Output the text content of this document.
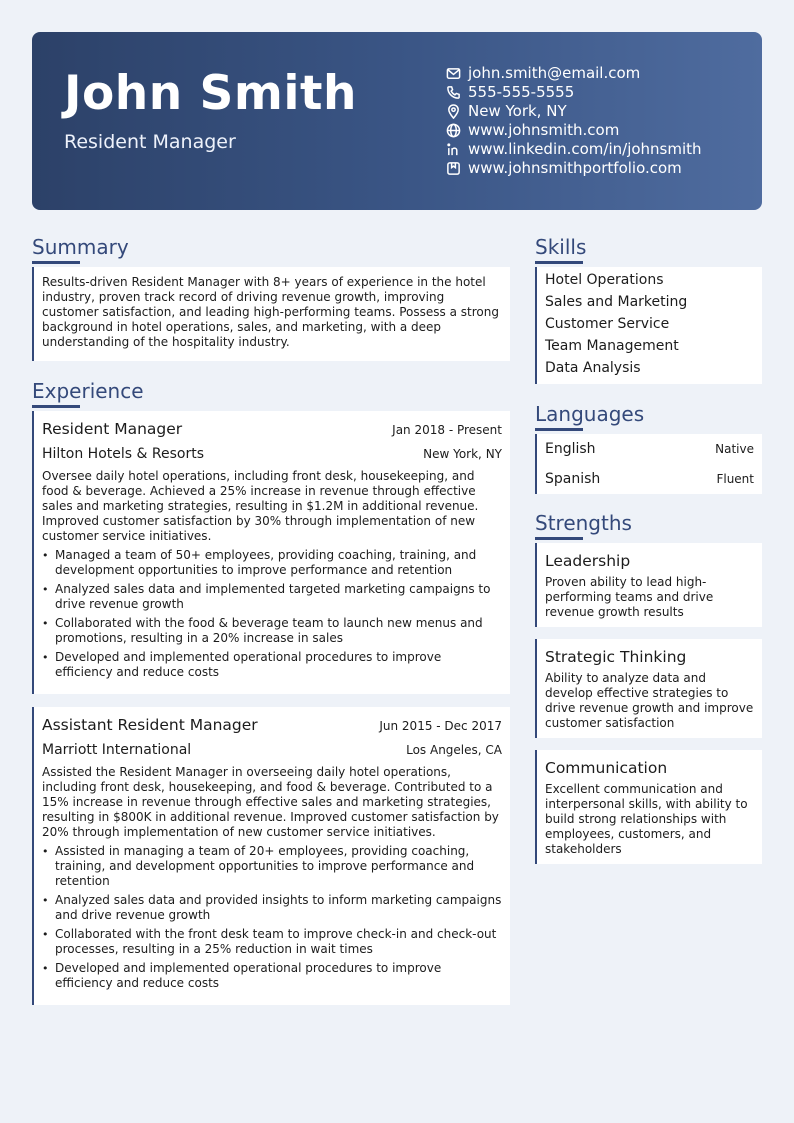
John Smith
Resident Manager
john.smith@email.com
555-555-5555
New York, NY
www.johnsmith.com
www.linkedin.com/in/johnsmith
www.johnsmithportfolio.com
Summary
Results-driven Resident Manager with 8+ years of experience in the hotel industry, proven track record of driving revenue growth, improving customer satisfaction, and leading high-performing teams. Possess a strong background in hotel operations, sales, and marketing, with a deep understanding of the hospitality industry.
Experience
Resident Manager	Jan 2018 - Present
Hilton Hotels & Resorts	New York, NY
Oversee daily hotel operations, including front desk, housekeeping, and food & beverage. Achieved a 25% increase in revenue through effective sales and marketing strategies, resulting in $1.2M in additional revenue. Improved customer satisfaction by 30% through implementation of new customer service initiatives.
• Managed a team of 50+ employees, providing coaching, training, and development opportunities to improve performance and retention
• Analyzed sales data and implemented targeted marketing campaigns to drive revenue growth
• Collaborated with the food & beverage team to launch new menus and promotions, resulting in a 20% increase in sales
• Developed and implemented operational procedures to improve efficiency and reduce costs
Assistant Resident Manager	Jun 2015 - Dec 2017
Marriott International	Los Angeles, CA
Assisted the Resident Manager in overseeing daily hotel operations, including front desk, housekeeping, and food & beverage. Contributed to a 15% increase in revenue through effective sales and marketing strategies, resulting in $800K in additional revenue. Improved customer satisfaction by 20% through implementation of new customer service initiatives.
• Assisted in managing a team of 20+ employees, providing coaching, training, and development opportunities to improve performance and retention
• Analyzed sales data and provided insights to inform marketing campaigns and drive revenue growth
• Collaborated with the front desk team to improve check-in and check-out processes, resulting in a 25% reduction in wait times
• Developed and implemented operational procedures to improve efficiency and reduce costs
Skills
Hotel Operations
Sales and Marketing
Customer Service
Team Management
Data Analysis
Languages
English	Native
Spanish	Fluent
Strengths
Leadership
Proven ability to lead high-performing teams and drive revenue growth results
Strategic Thinking
Ability to analyze data and develop effective strategies to drive revenue growth and improve customer satisfaction
Communication
Excellent communication and interpersonal skills, with ability to build strong relationships with employees, customers, and stakeholders
